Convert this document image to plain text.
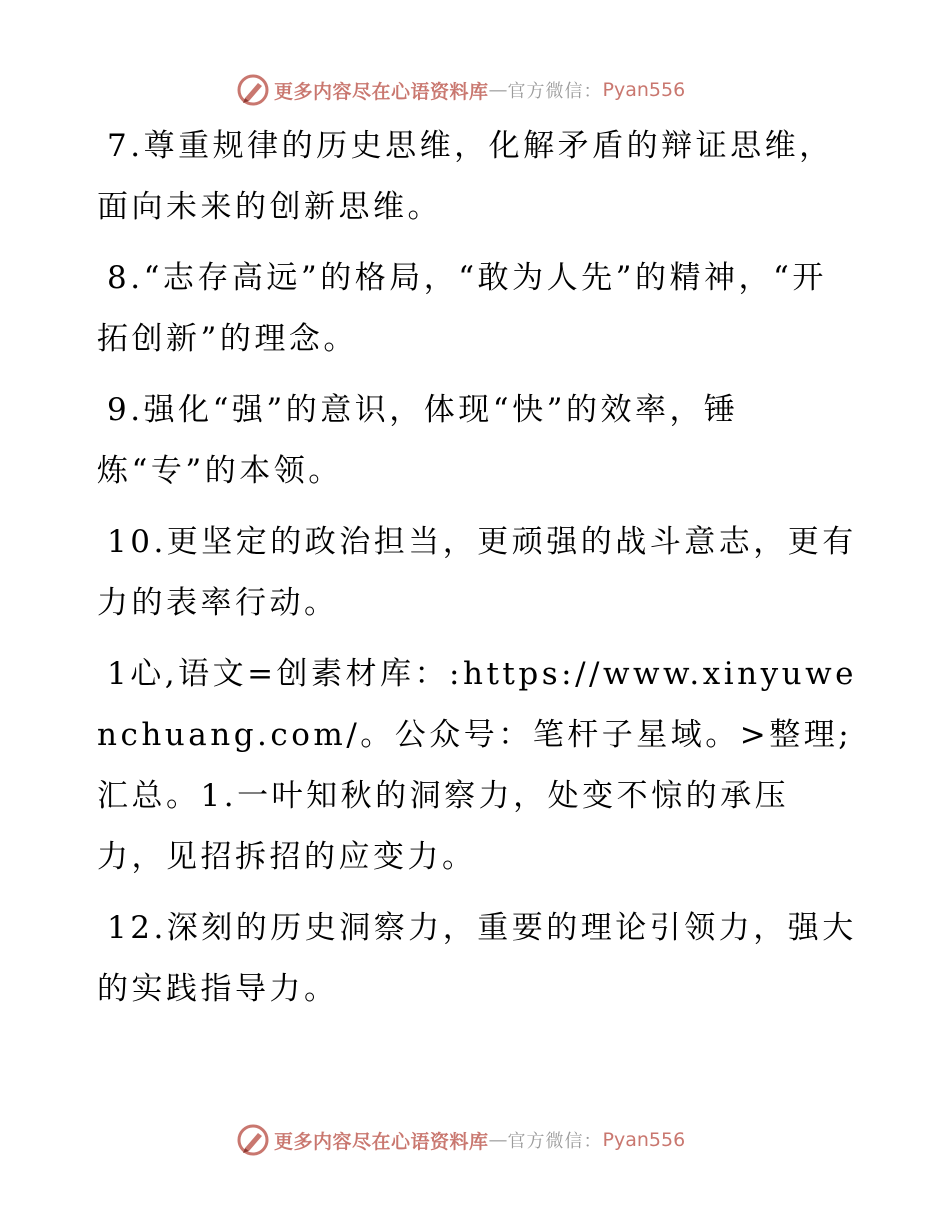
更多内容尽在心语资料库 — 官方微信： Pyan556

7.尊重规律的历史思维，化解矛盾的辩证思维，面向未来的创新思维。

8.“志存高远”的格局，“敢为人先”的精神，“开拓创新”的理念。

9.强化“强”的意识，体现“快”的效率，锤炼“专”的本领。

10.更坚定的政治担当，更顽强的战斗意志，更有力的表率行动。

1心,语文=创素材库：:https://www.xinyuwenchuang.com/。公众号：笔杆子星域。>整理;汇总。1.一叶知秋的洞察力，处变不惊的承压力，见招拆招的应变力。

12.深刻的历史洞察力，重要的理论引领力，强大的实践指导力。

更多内容尽在心语资料库 — 官方微信： Pyan556
